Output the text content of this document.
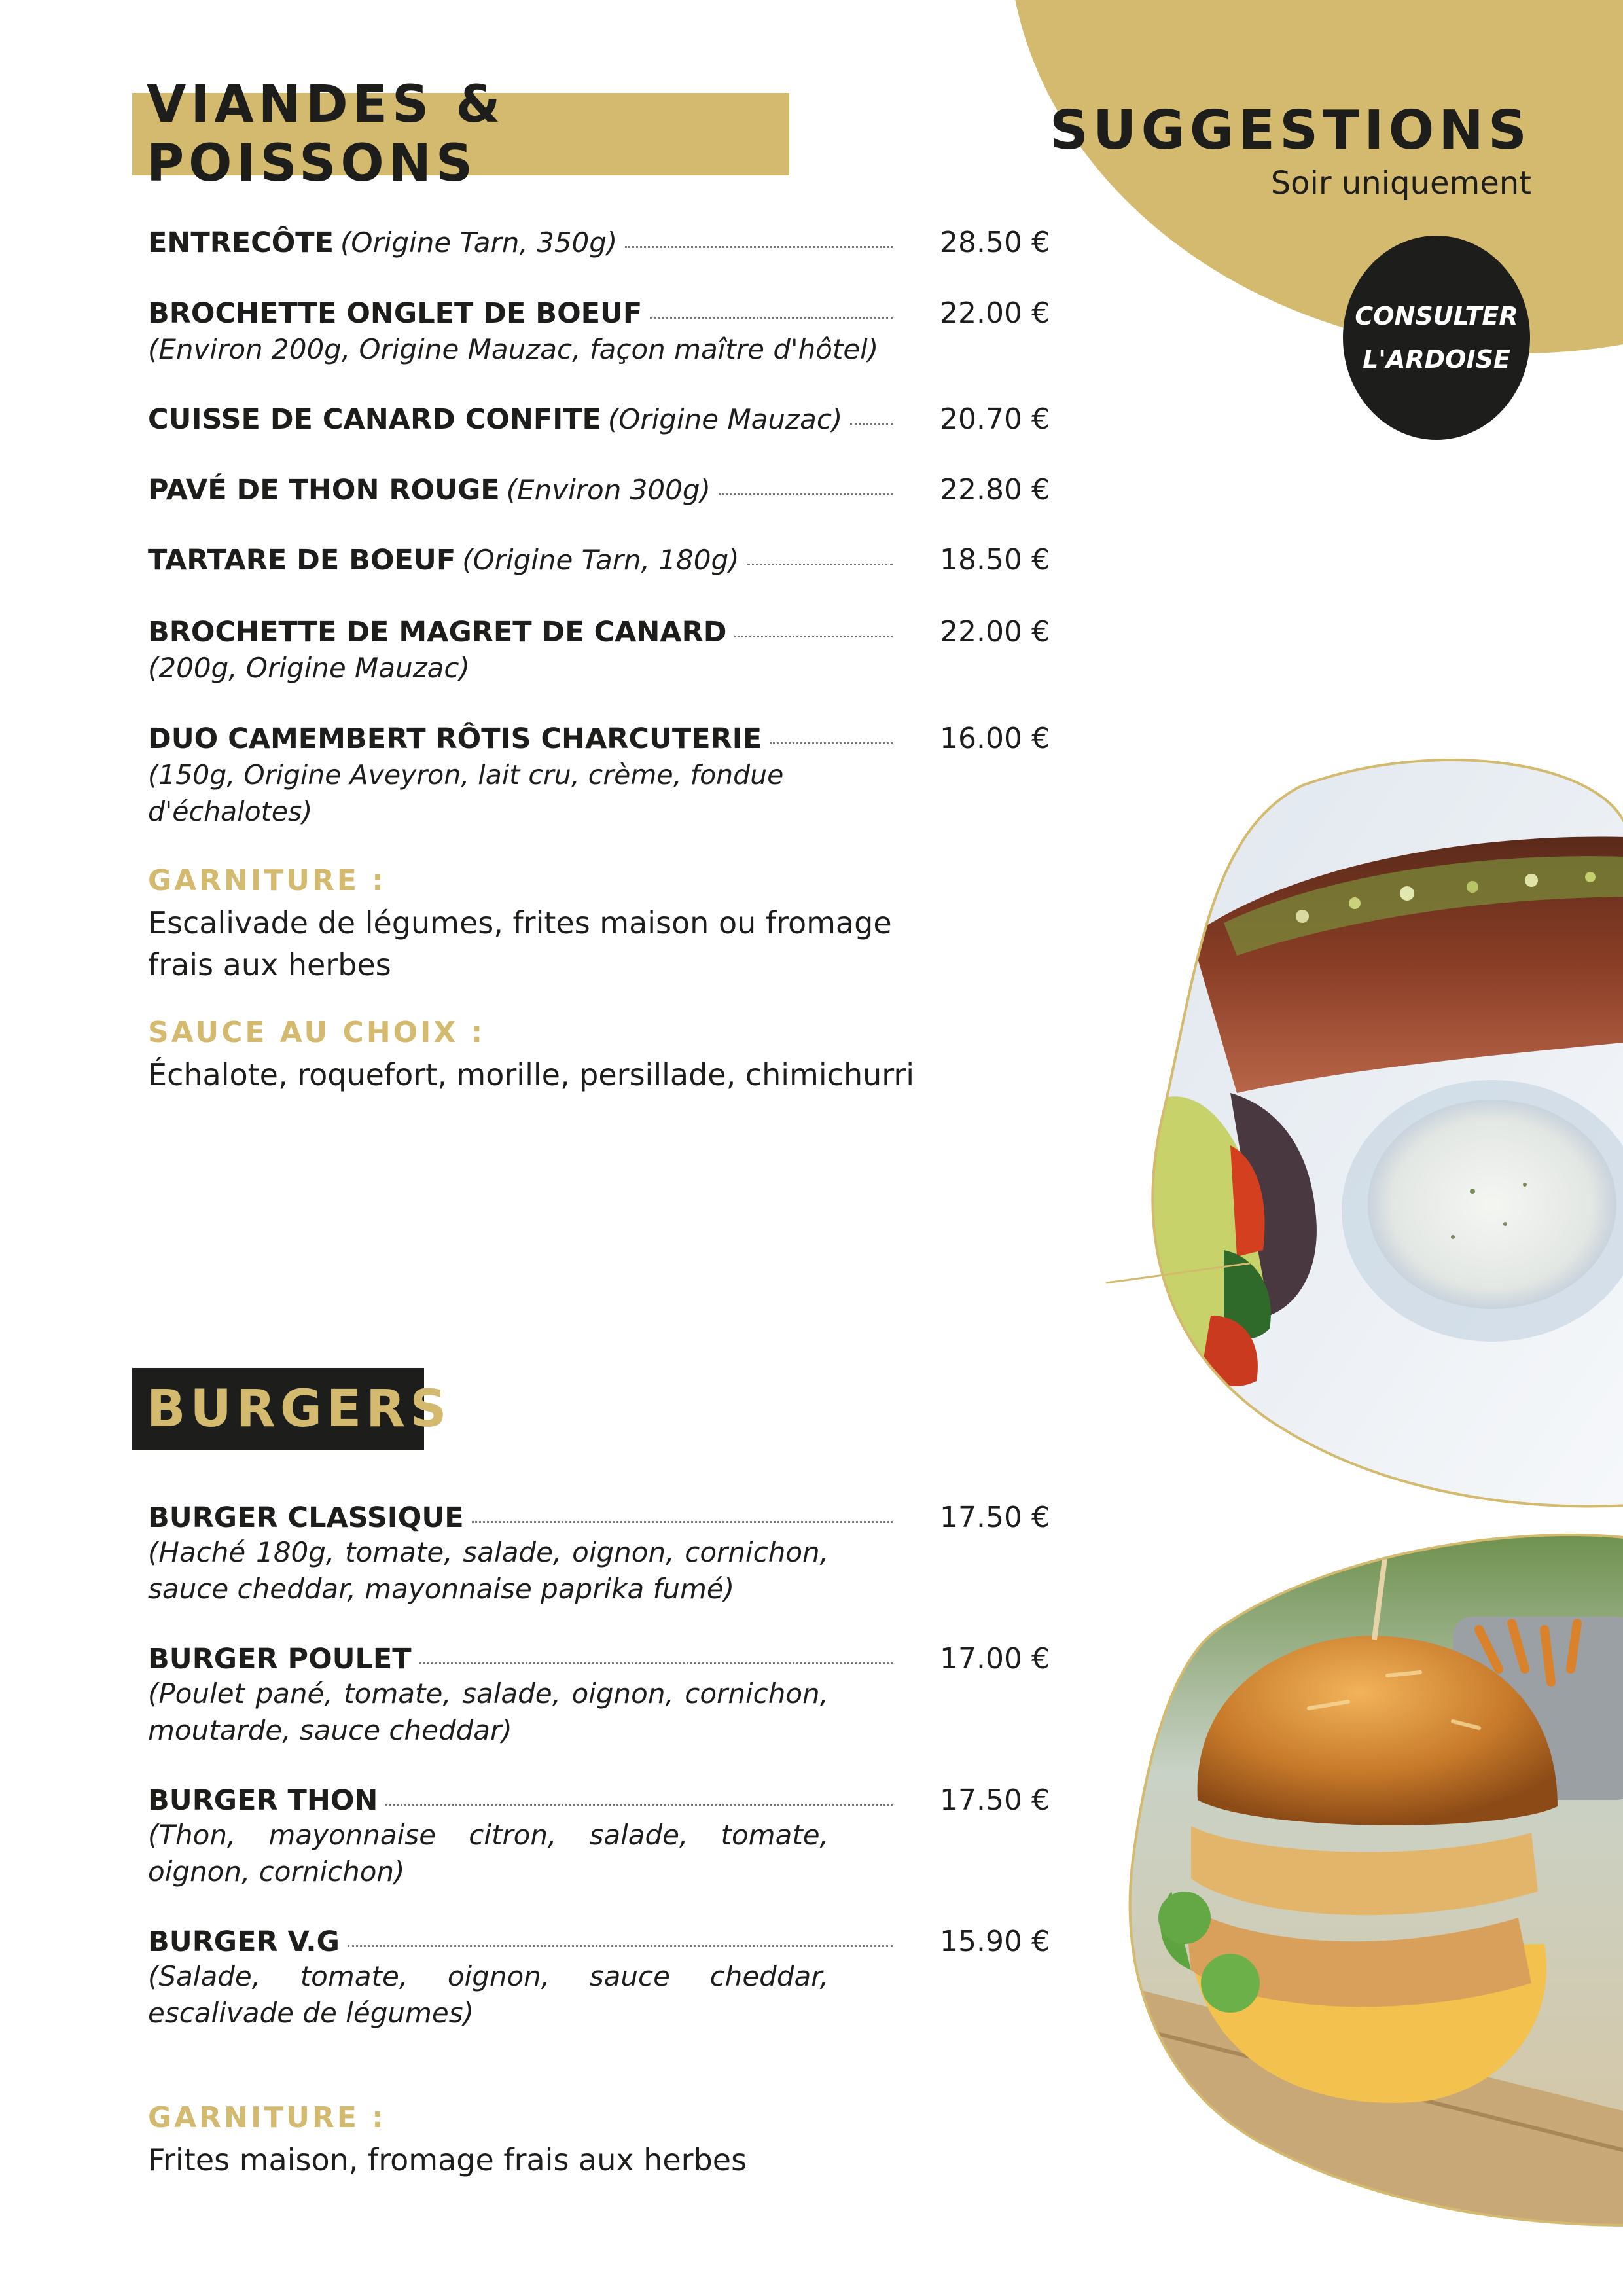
SUGGESTIONS
Soir uniquement
CONSULTER
L'ARDOISE
VIANDES & POISSONS
ENTRECÔTE (Origine Tarn, 350g)	28.50 €
BROCHETTE ONGLET DE BOEUF	22.00 €
(Environ 200g, Origine Mauzac, façon maître d'hôtel)
CUISSE DE CANARD CONFITE (Origine Mauzac)	20.70 €
PAVÉ DE THON ROUGE (Environ 300g)	22.80 €
TARTARE DE BOEUF (Origine Tarn, 180g)	18.50 €
BROCHETTE DE MAGRET DE CANARD	22.00 €
(200g, Origine Mauzac)
DUO CAMEMBERT RÔTIS CHARCUTERIE	16.00 €
(150g, Origine Aveyron, lait cru, crème, fondue d'échalotes)
GARNITURE :
Escalivade de légumes, frites maison ou fromage frais aux herbes
SAUCE AU CHOIX :
Échalote, roquefort, morille, persillade, chimichurri
BURGERS
BURGER CLASSIQUE	17.50 €
(Haché 180g, tomate, salade, oignon, cornichon, sauce cheddar, mayonnaise paprika fumé)
BURGER POULET	17.00 €
(Poulet pané, tomate, salade, oignon, cornichon, moutarde, sauce cheddar)
BURGER THON	17.50 €
(Thon, mayonnaise citron, salade, tomate, oignon, cornichon)
BURGER V.G	15.90 €
(Salade, tomate, oignon, sauce cheddar, escalivade de légumes)
GARNITURE :
Frites maison, fromage frais aux herbes
